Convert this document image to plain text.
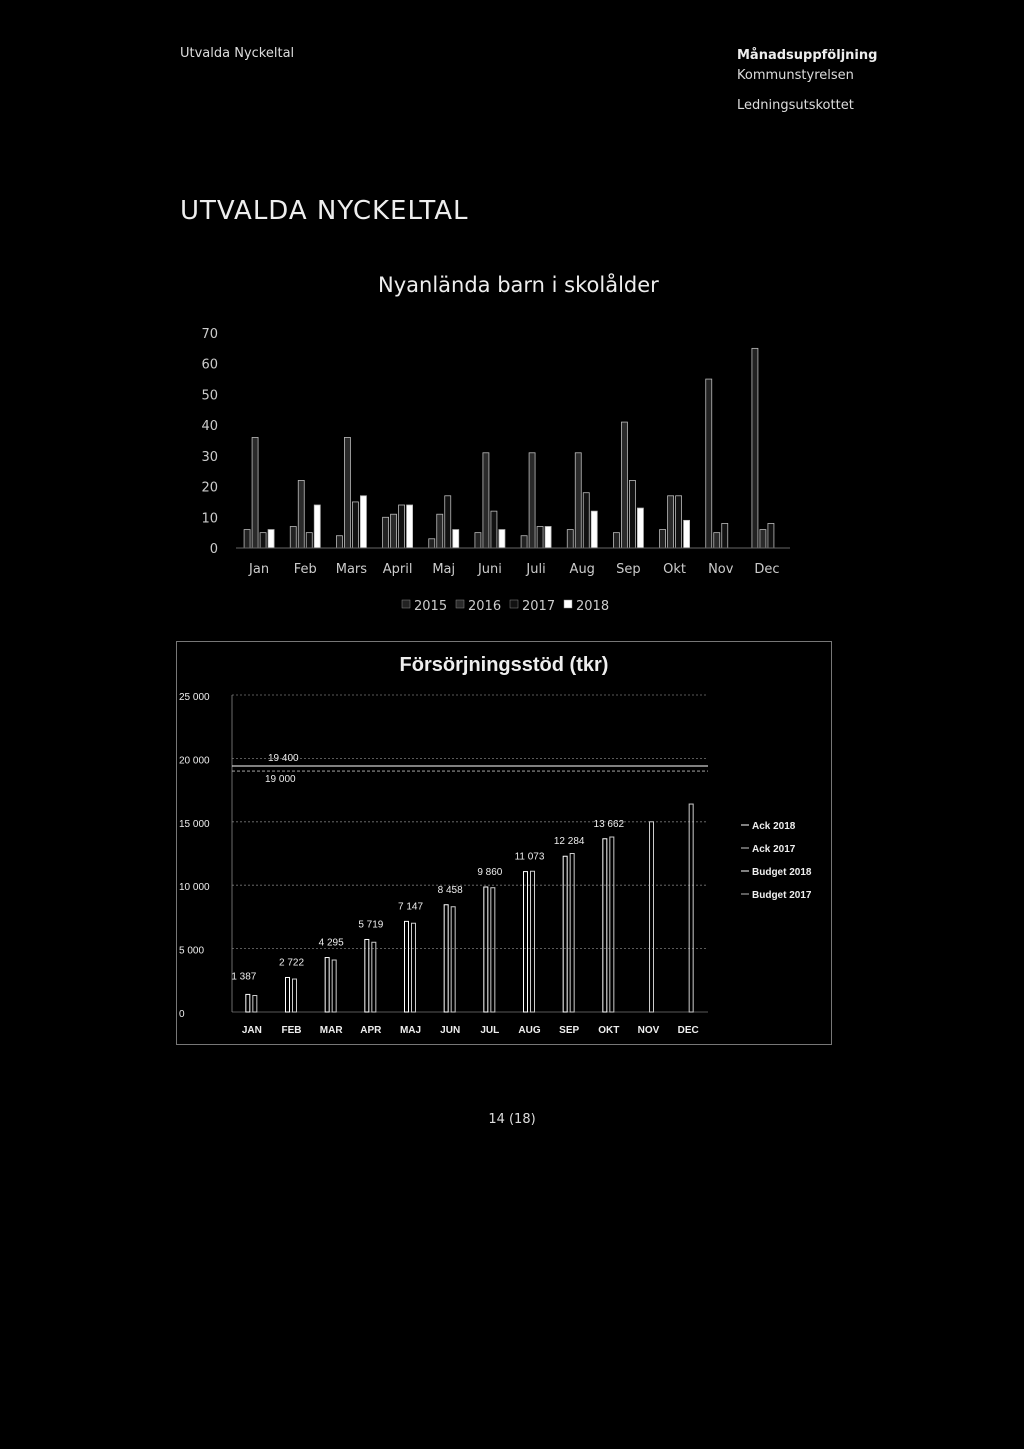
Utvalda Nyckeltal	Månadsuppföljning
Kommunstyrelsen
Ledningsutskottet
UTVALDA NYCKELTAL
Nyanlända barn i skolålder
Försörjningsstöd (tkr)
0
10
20
30
40
50
60
70
Jan Feb Mars April Maj Juni Juli Aug Sep Okt Nov Dec
2015 2016 2017 2018
0
5 000
10 000
15 000
20 000
25 000
JAN
1 387
FEB
2 722
MAR
4 295
APR
5 719
MAJ
7 147
JUN
8 458
JUL
9 860
AUG
11 073
SEP
12 284
OKT
13 662
NOV DEC
19 400
19 000
Ack 2018
Ack 2017
Budget 2018
Budget 2017
14 (18)
